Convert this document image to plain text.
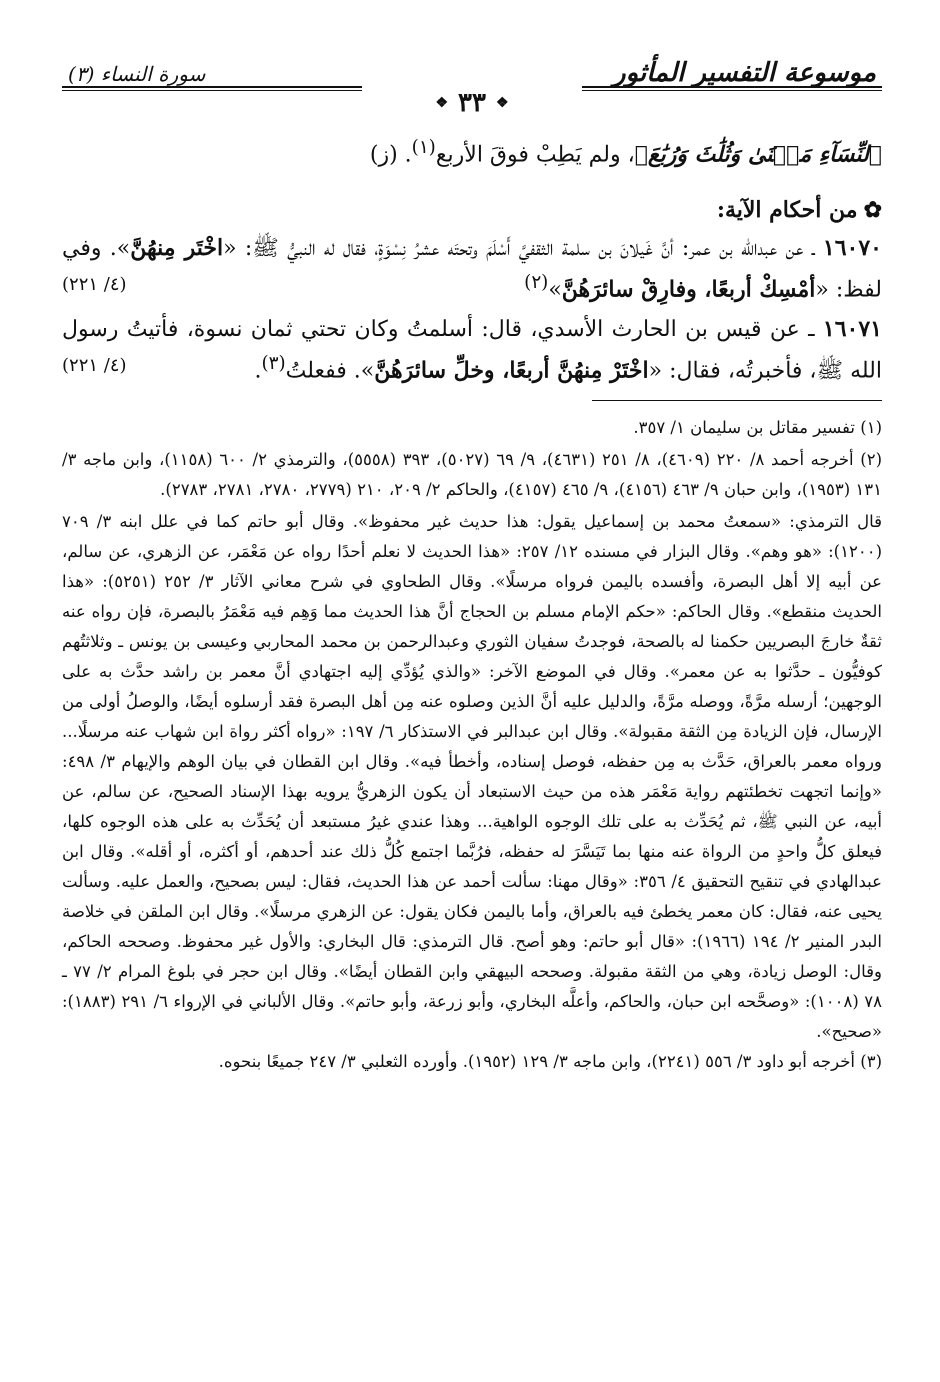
موسوعة التفسير المأثور
سورة النساء (٣)
❖
٣٣
❖

ٱلنِّسَآءِ مَثۡنَىٰ وَثُلَٰثَ وَرُبَٰعَ﴾، ولم يَطِبْ فوقَ الأربع$^{(١)}$. (ز)

✿من أحكام الآية:

١٦٠٧٠ ـ عن عبدالله بن عمر: أنَّ غَيلانَ بن سلمة الثقفيَّ أَسْلَمَ وتحتَه عشرُ نِسْوَةٍ، فقال له النبيُّ ﷺ: «اخْتَر مِنهُنَّ». وفي لفظ: «أمْسِكْ أربعًا، وفارِقْ سائرَهُنَّ»$^{(٢)}$
(٤/ ٢٢١)

١٦٠٧١ ـ عن قيس بن الحارث الأسدي، قال: أسلمتُ وكان تحتي ثمان نسوة، فأتيتُ رسول الله ﷺ، فأخبرتُه، فقال: «اخْتَرْ مِنهُنَّ أربعًا، وخلِّ سائرَهُنَّ». ففعلتُ$^{(٣)}$.
(٤/ ٢٢١)

(١) تفسير مقاتل بن سليمان ١/ ٣٥٧.

(٢) أخرجه أحمد ٨/ ٢٢٠ (٤٦٠٩)، ٨/ ٢٥١ (٤٦٣١)، ٩/ ٦٩ (٥٠٢٧)، ٣٩٣ (٥٥٥٨)، والترمذي ٢/ ٦٠٠ (١١٥٨)، وابن ماجه ٣/ ١٣١ (١٩٥٣)، وابن حبان ٩/ ٤٦٣ (٤١٥٦)، ٩/ ٤٦٥ (٤١٥٧)، والحاكم ٢/ ٢٠٩، ٢١٠ (٢٧٧٩، ٢٧٨٠، ٢٧٨١، ٢٧٨٣).

قال الترمذي: «سمعتُ محمد بن إسماعيل يقول: هذا حديث غير محفوظ». وقال أبو حاتم كما في علل ابنه ٣/ ٧٠٩ (١٢٠٠): «هو وهم». وقال البزار في مسنده ١٢/ ٢٥٧: «هذا الحديث لا نعلم أحدًا رواه عن مَعْمَر، عن الزهري، عن سالم، عن أبيه إلا أهل البصرة، وأفسده باليمن فرواه مرسلًا». وقال الطحاوي في شرح معاني الآثار ٣/ ٢٥٢ (٥٢٥١): «هذا الحديث منقطع». وقال الحاكم: «حكم الإمام مسلم بن الحجاج أنَّ هذا الحديث مما وَهِم فيه مَعْمَرُ بالبصرة، فإن رواه عنه ثقةٌ خارجَ البصريين حكمنا له بالصحة، فوجدتُ سفيان الثوري وعبدالرحمن بن محمد المحاربي وعيسى بن يونس ـ وثلاثتُهم كوفيُّون ـ حدَّثوا به عن معمر». وقال في الموضع الآخر: «والذي يُؤدِّي إليه اجتهادي أنَّ معمر بن راشد حدَّث به على الوجهين؛ أرسله مرَّةً، ووصله مرَّةً، والدليل عليه أنَّ الذين وصلوه عنه مِن أهل البصرة فقد أرسلوه أيضًا، والوصلُ أولى من الإرسال، فإن الزيادة مِن الثقة مقبولة». وقال ابن عبدالبر في الاستذكار ٦/ ١٩٧: «رواه أكثر رواة ابن شهاب عنه مرسلًا... ورواه معمر بالعراق، حَدَّث به مِن حفظه، فوصل إسناده، وأخطأ فيه». وقال ابن القطان في بيان الوهم والإيهام ٣/ ٤٩٨: «وإنما اتجهت تخطئتهم رواية مَعْمَر هذه من حيث الاستبعاد أن يكون الزهريُّ يرويه بهذا الإسناد الصحيح، عن سالم، عن أبيه، عن النبي ﷺ، ثم يُحَدِّث به على تلك الوجوه الواهية... وهذا عندي غيرُ مستبعد أن يُحَدِّث به على هذه الوجوه كلها، فيعلق كلُّ واحدٍ من الرواة عنه منها بما تَيَسَّرَ له حفظه، فرُبَّما اجتمع كُلُّ ذلك عند أحدهم، أو أكثره، أو أقله». وقال ابن عبدالهادي في تنقيح التحقيق ٤/ ٣٥٦: «وقال مهنا: سألت أحمد عن هذا الحديث، فقال: ليس بصحيح، والعمل عليه. وسألت يحيى عنه، فقال: كان معمر يخطئ فيه بالعراق، وأما باليمن فكان يقول: عن الزهري مرسلًا». وقال ابن الملقن في خلاصة البدر المنير ٢/ ١٩٤ (١٩٦٦): «قال أبو حاتم: وهو أصح. قال الترمذي: قال البخاري: والأول غير محفوظ. وصححه الحاكم، وقال: الوصل زيادة، وهي من الثقة مقبولة. وصححه البيهقي وابن القطان أيضًا». وقال ابن حجر في بلوغ المرام ٢/ ٧٧ ـ ٧٨ (١٠٠٨): «وصحَّحه ابن حبان، والحاكم، وأعلَّه البخاري، وأبو زرعة، وأبو حاتم». وقال الألباني في الإرواء ٦/ ٢٩١ (١٨٨٣): «صحيح».

(٣) أخرجه أبو داود ٣/ ٥٥٦ (٢٢٤١)، وابن ماجه ٣/ ١٢٩ (١٩٥٢). وأورده الثعلبي ٣/ ٢٤٧ جميعًا بنحوه.
